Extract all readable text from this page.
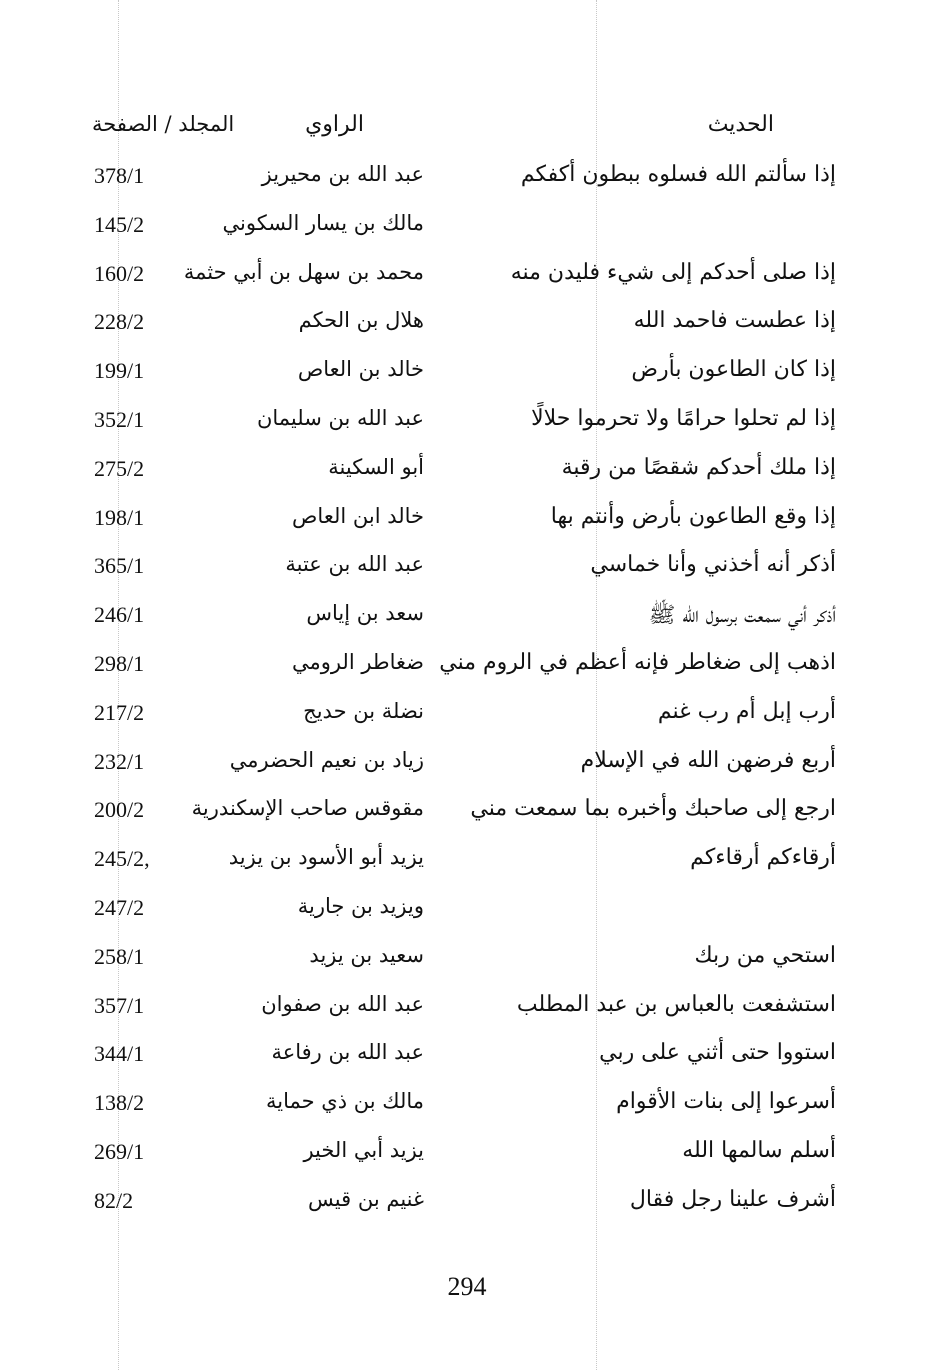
الحديث
الراوي
المجلد / الصفحة
إذا سألتم الله فسلوه ببطون أكفكم
عبد الله بن محيريز
378/1
مالك بن يسار السكوني
145/2
إذا صلى أحدكم إلى شيء فليدن منه
محمد بن سهل بن أبي حثمة
160/2
إذا عطست فاحمد الله
هلال بن الحكم
228/2
إذا كان الطاعون بأرض
خالد بن العاص
199/1
إذا لم تحلوا حرامًا ولا تحرموا حلالًا
عبد الله بن سليمان
352/1
إذا ملك أحدكم شقصًا من رقبة
أبو السكينة
275/2
إذا وقع الطاعون بأرض وأنتم بها
خالد ابن العاص
198/1
أذكر أنه أخذني وأنا خماسي
عبد الله بن عتبة
365/1
أذكر أني سمعت برسول الله ﷺ
سعد بن إياس
246/1
اذهب إلى ضغاطر فإنه أعظم في الروم مني
ضغاطر الرومي
298/1
أرب إبل أم رب غنم
نضلة بن حديج
217/2
أربع فرضهن الله في الإسلام
زياد بن نعيم الحضرمي
232/1
ارجع إلى صاحبك وأخبره بما سمعت مني
مقوقس صاحب الإسكندرية
200/2
أرقاءكم أرقاءكم
يزيد أبو الأسود بن يزيد
245/2,
ويزيد بن جارية
247/2
استحي من ربك
سعيد بن يزيد
258/1
استشفعت بالعباس بن عبد المطلب
عبد الله بن صفوان
357/1
استووا حتى أثني على ربي
عبد الله بن رفاعة
344/1
أسرعوا إلى بنات الأقوام
مالك بن ذي حماية
138/2
أسلم سالمها الله
يزيد أبي الخير
269/1
أشرف علينا رجل فقال
غنيم بن قيس
82/2
294
